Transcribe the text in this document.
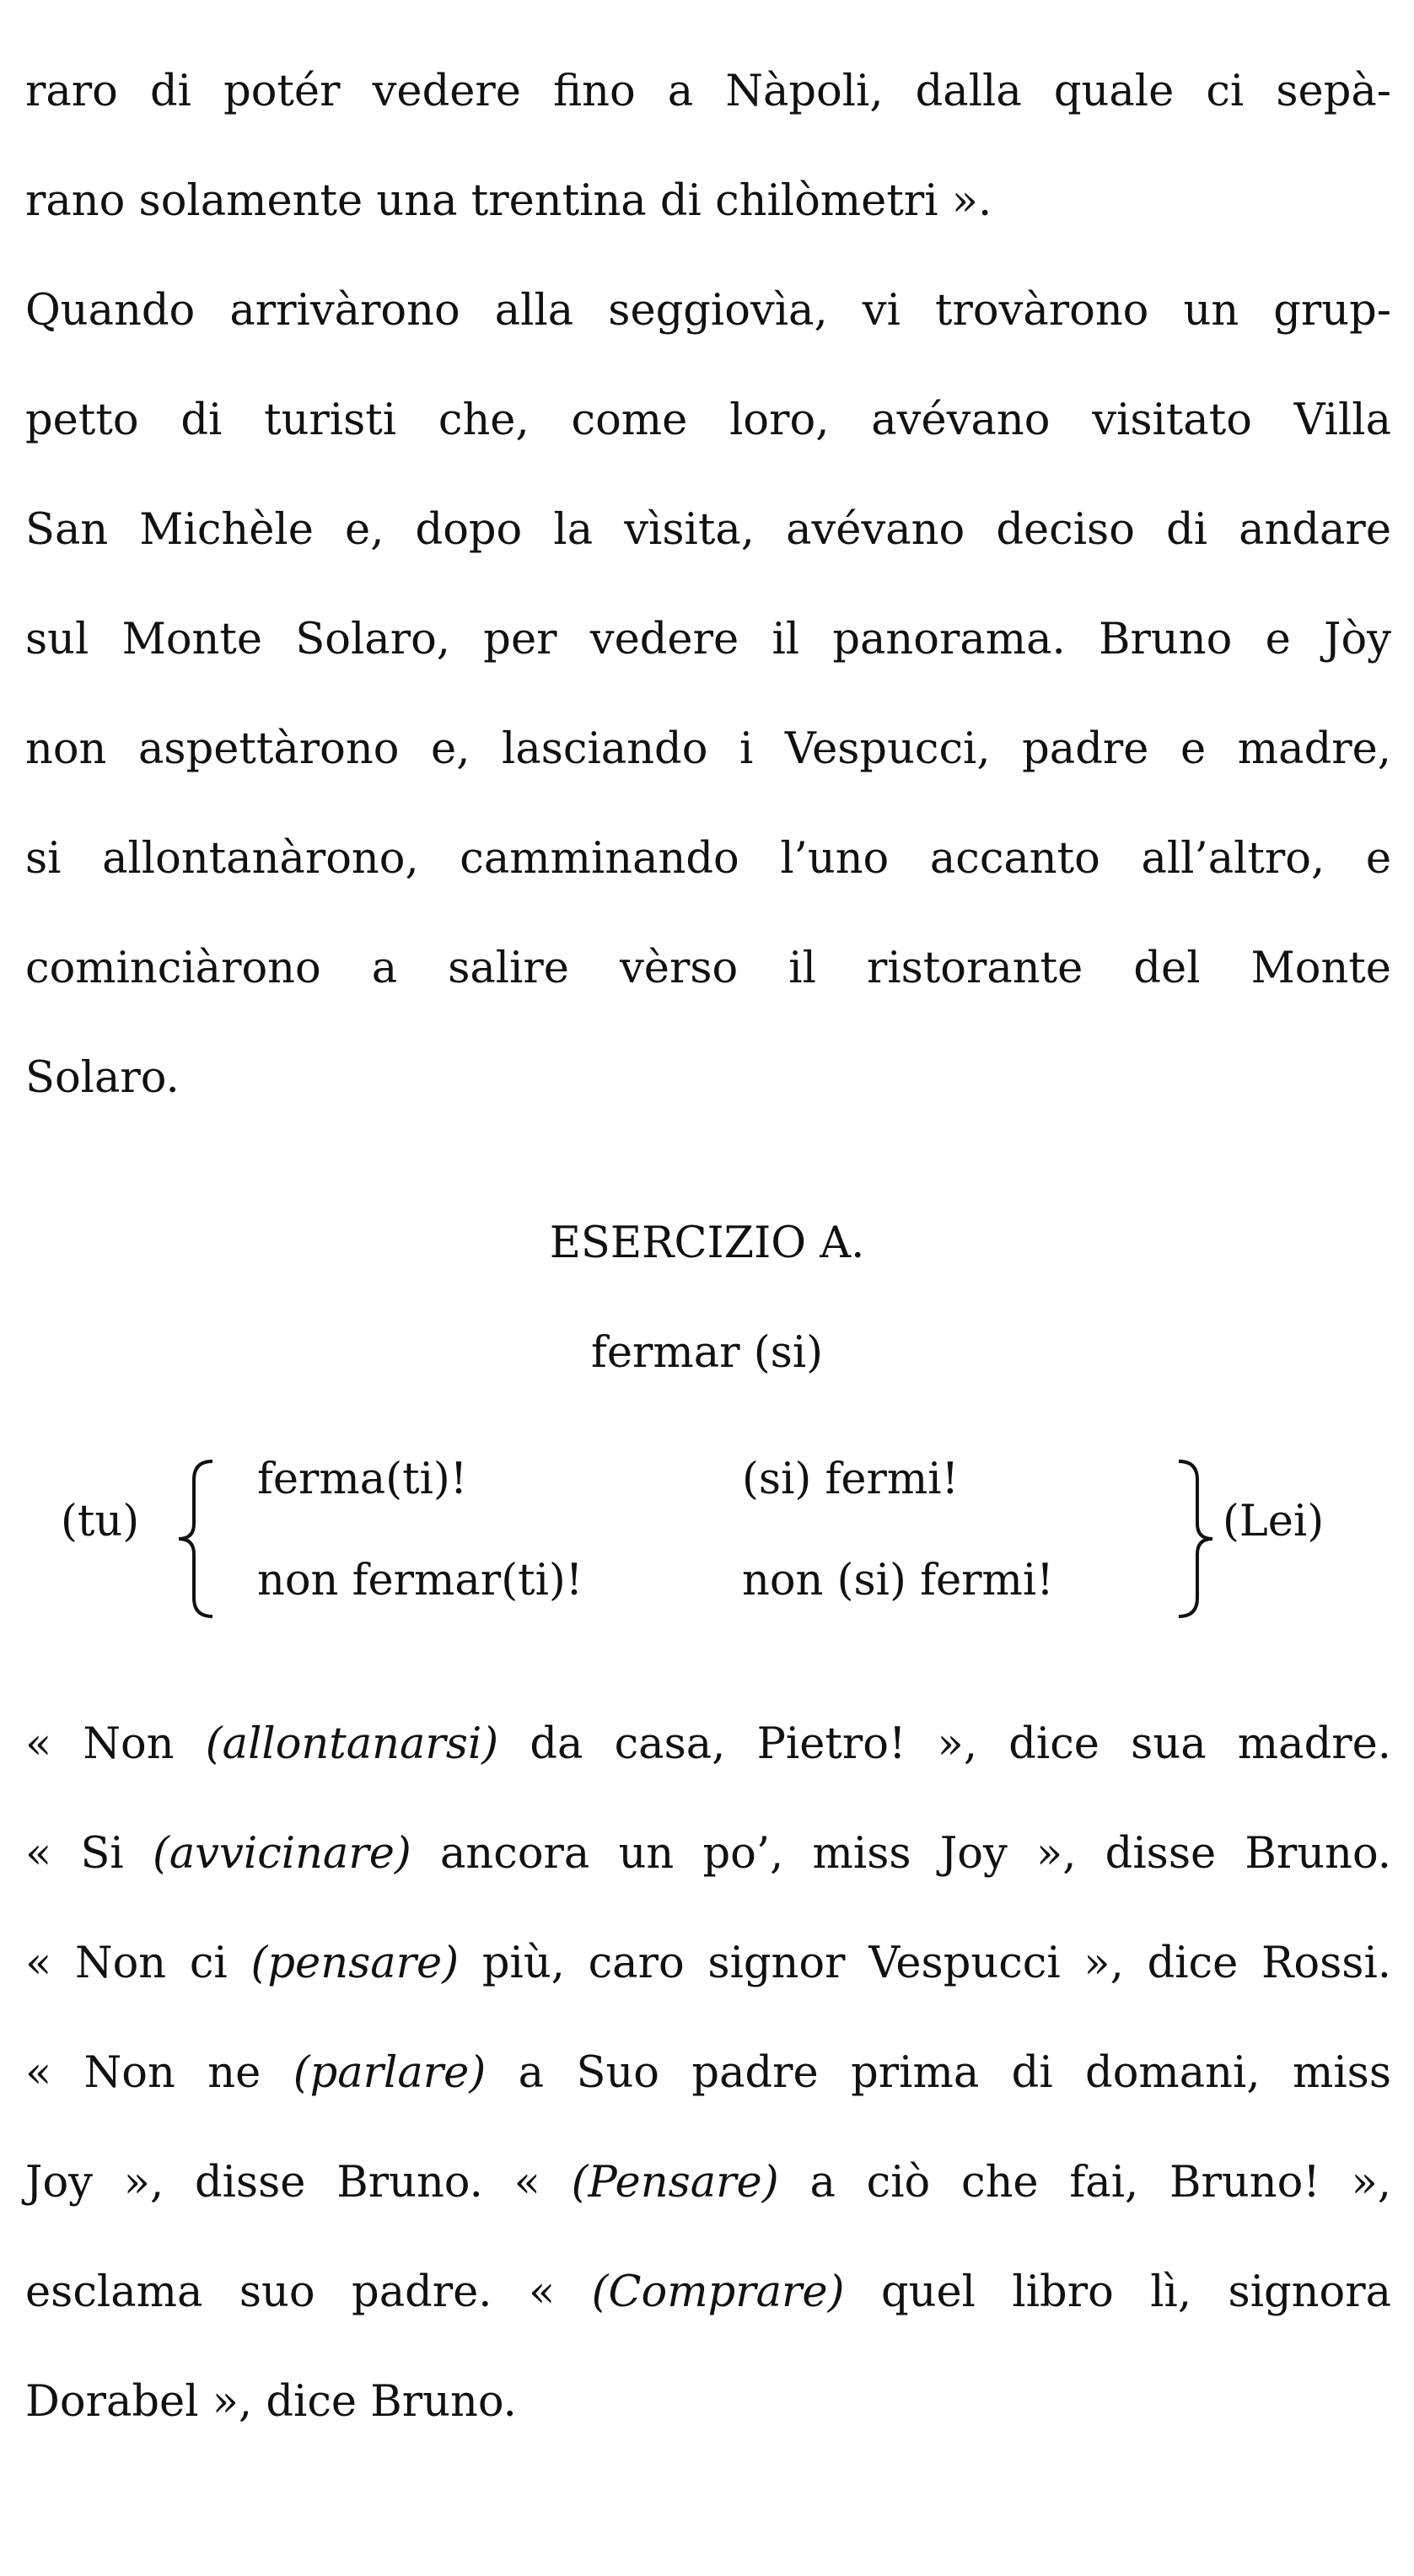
raro di potér vedere fino a Nàpoli, dalla quale ci sepà-
rano solamente una trentina di chilòmetri ».

Quando arrivàrono alla seggiovìa, vi trovàrono un grup-
petto di turisti che, come loro, avévano visitato Villa
San Michèle e, dopo la vìsita, avévano deciso di andare
sul Monte Solaro, per vedere il panorama. Bruno e Jòy
non aspettàrono e, lasciando i Vespucci, padre e madre,
si allontanàrono, camminando l’uno accanto all’altro, e
cominciàrono a salire vèrso il ristorante del Monte
Solaro.

ESERCIZIO A.
fermar (si)
(tu)
ferma(ti)!
non fermar(ti)!
(si) fermi!
non (si) fermi!
(Lei)
« Non (allontanarsi) da casa, Pietro! », dice sua madre.
« Si (avvicinare) ancora un po’, miss Joy », disse Bruno.
« Non ci (pensare) più, caro signor Vespucci », dice Rossi.
« Non ne (parlare) a Suo padre prima di domani, miss
Joy », disse Bruno. « (Pensare) a ciò che fai, Bruno! »,
esclama suo padre. « (Comprare) quel libro lì, signora
Dorabel », dice Bruno.
